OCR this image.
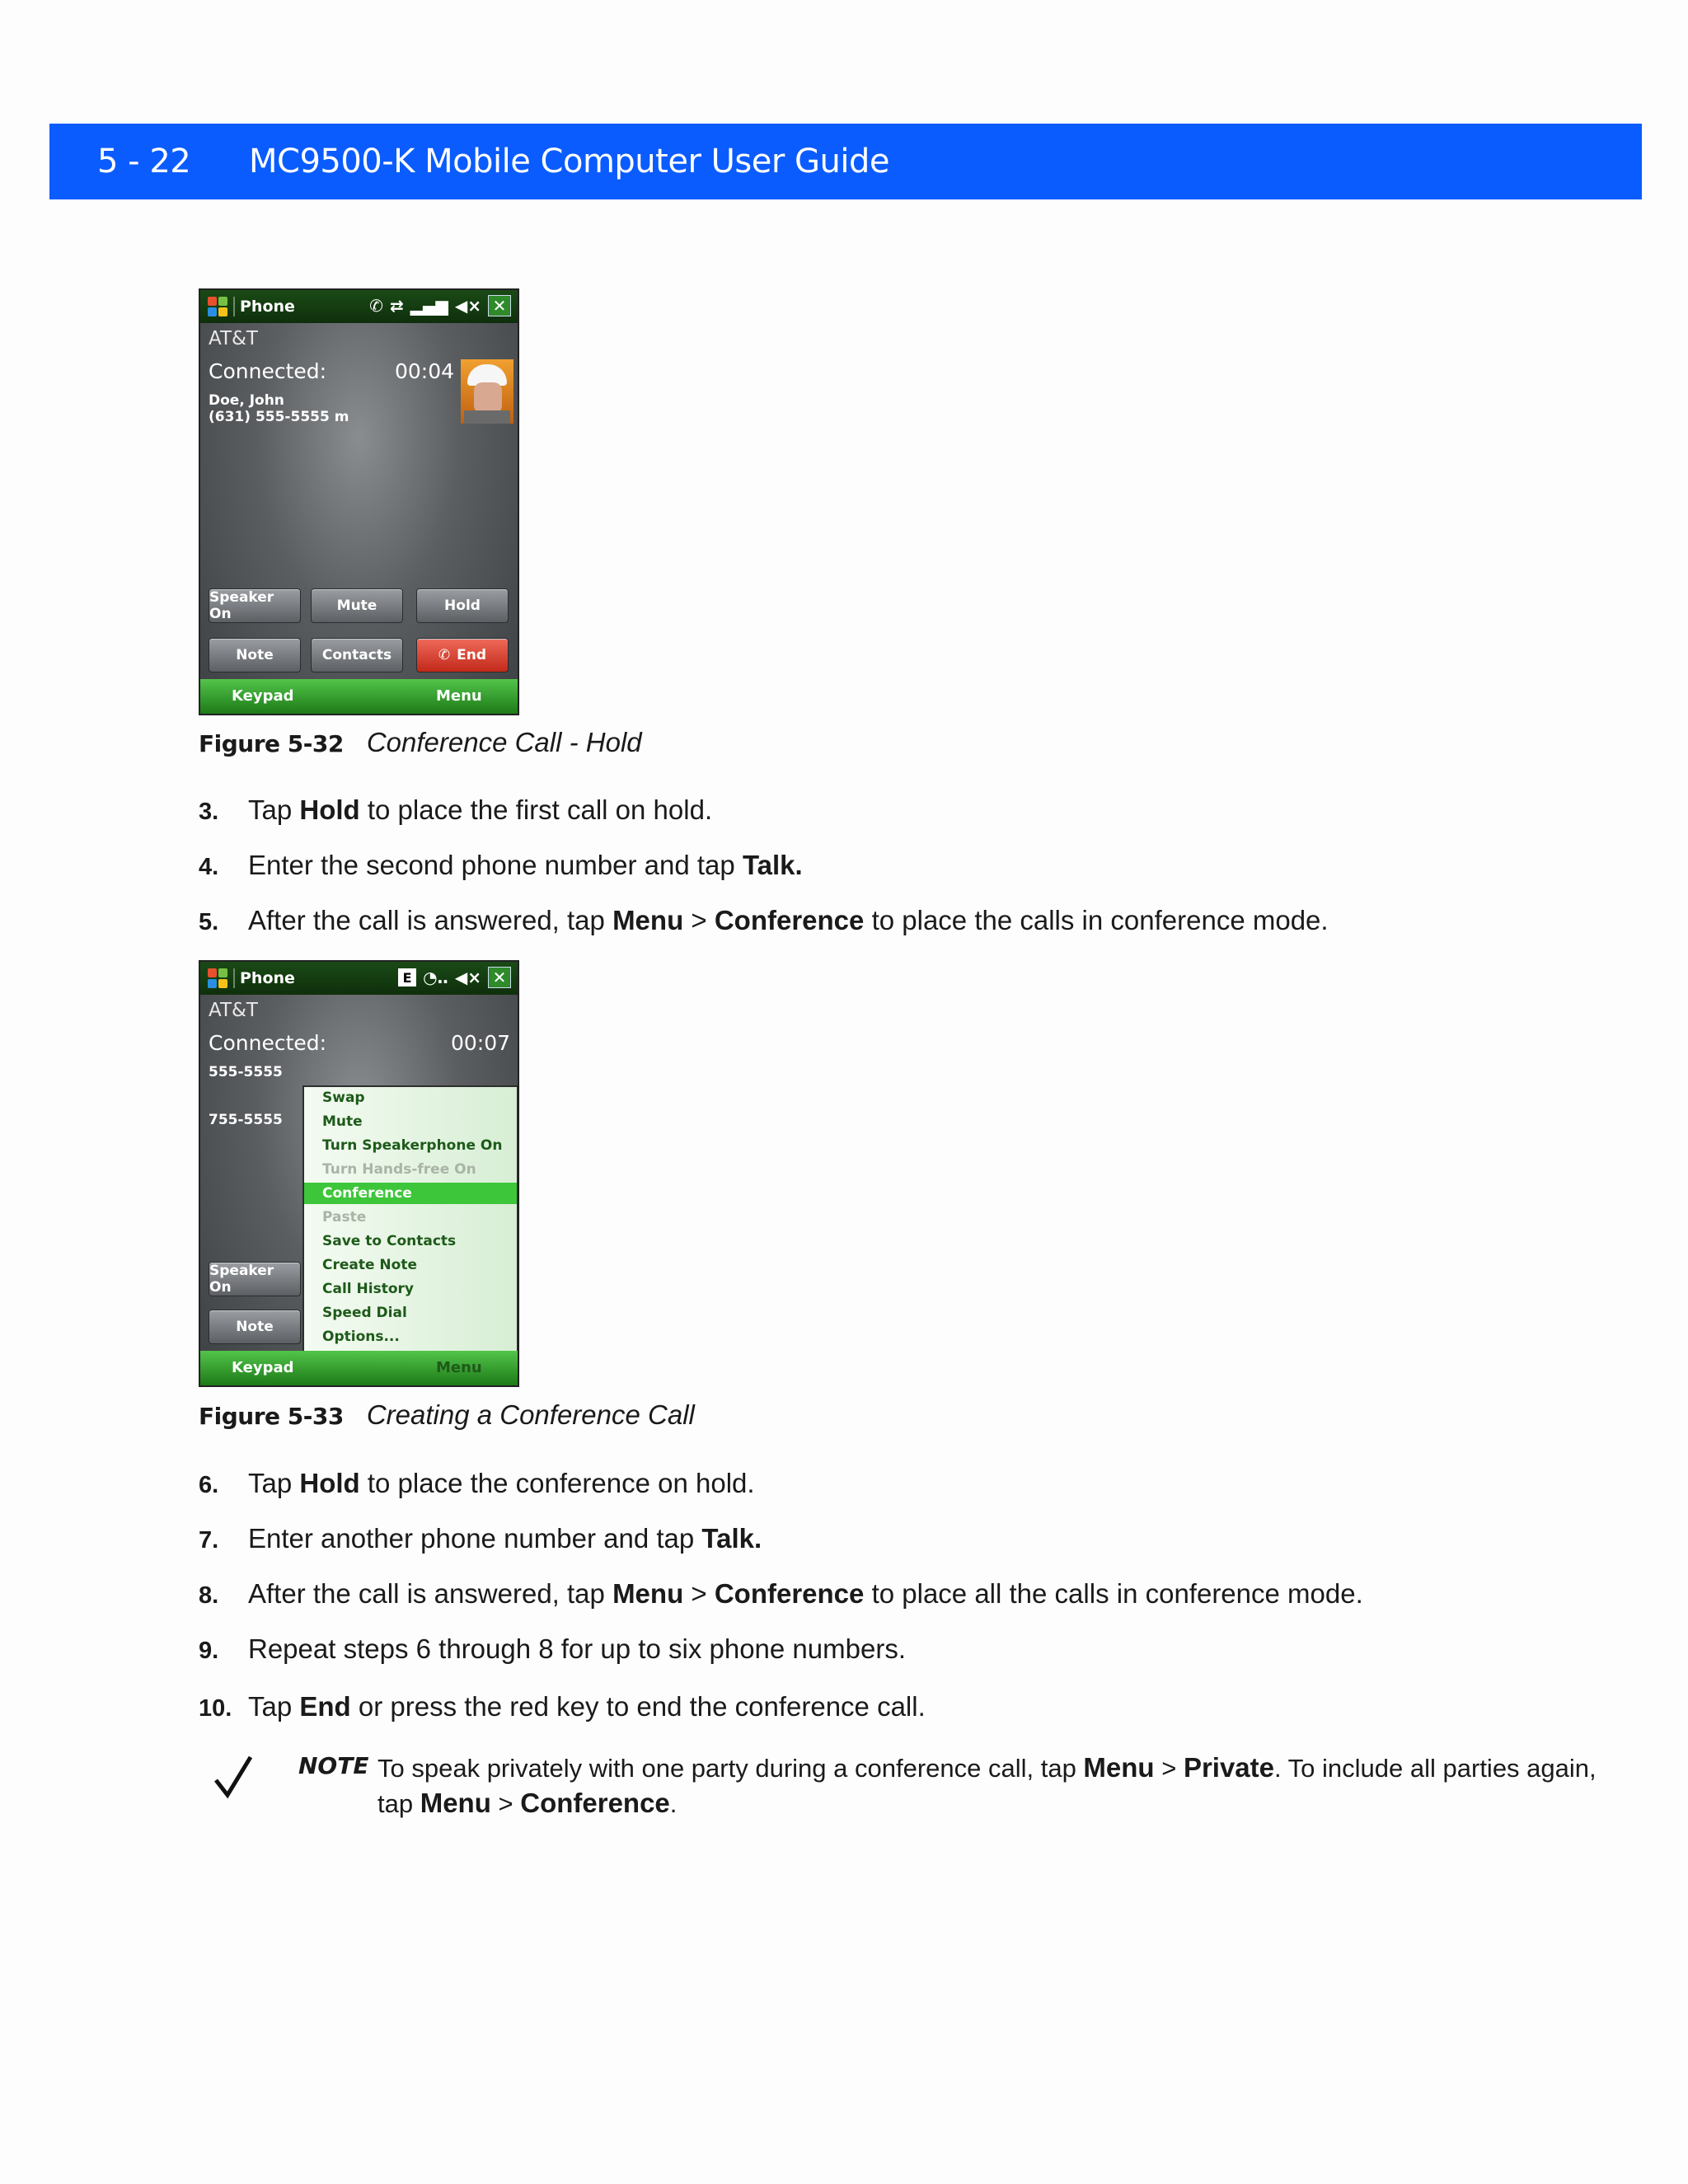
5 - 22	MC9500-K Mobile Computer User Guide
Phone	✆ ⇄ ▂▄▆ ◀× ✕
AT&T
Connected:	00:04
Doe, John
(631) 555-5555 m
Speaker On	Mute	Hold
Note	Contacts	✆ End
Keypad	Menu
Figure 5-32 Conference Call - Hold
3. Tap Hold to place the first call on hold.
4. Enter the second phone number and tap Talk.
5. After the call is answered, tap Menu > Conference to place the calls in conference mode.
Phone	E ◔‥ ◀× ✕
AT&T
Connected:	00:07
555-5555
755-5555
Speaker On
Note
Swap
Mute
Turn Speakerphone On
Turn Hands-free On
Conference
Paste
Save to Contacts
Create Note
Call History
Speed Dial
Options...
Keypad	Menu
Figure 5-33 Creating a Conference Call
6. Tap Hold to place the conference on hold.
7. Enter another phone number and tap Talk.
8. After the call is answered, tap Menu > Conference to place all the calls in conference mode.
9. Repeat steps 6 through 8 for up to six phone numbers.
10. Tap End or press the red key to end the conference call.
NOTE To speak privately with one party during a conference call, tap Menu > Private. To include all parties again, tap Menu > Conference.
